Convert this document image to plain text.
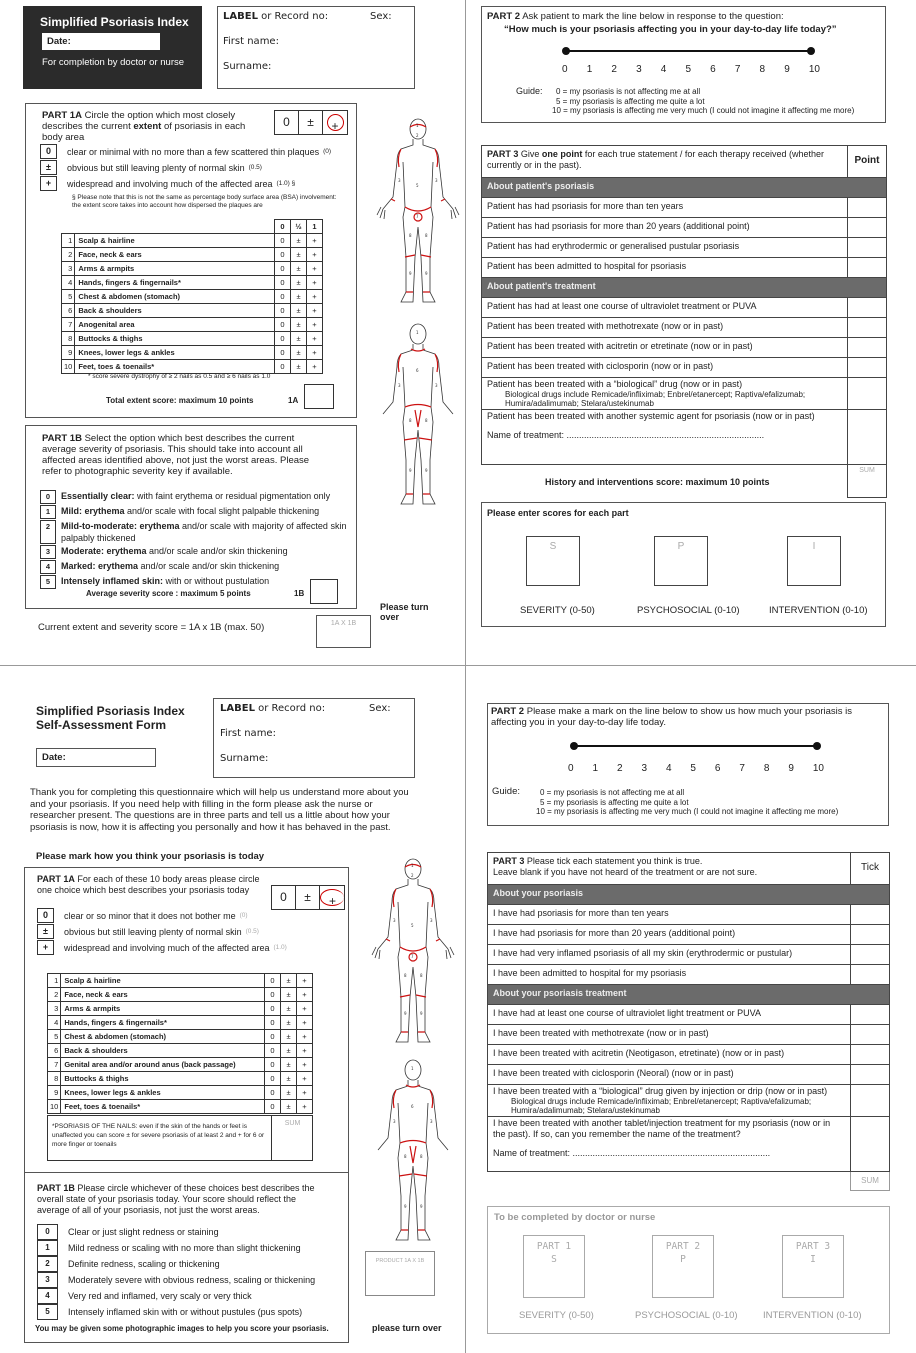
Simplified Psoriasis Index
Date:
For completion by doctor or nurse
LABEL or Record no:	Sex:
First name:
Surname:
PART 1A Circle the option which most closely describes the current extent of psoriasis in each body area
0	±	+
0	clear or minimal with no more than a few scattered thin plaques (0)
±	obvious but still leaving plenty of normal skin (0.5)
+	widespread and involving much of the affected area (1.0) §
§ Please note that this is not the same as percentage body surface area (BSA) involvement: the extent score takes into account how dispersed the plaques are
		0	½	1
1	Scalp & hairline	0	±	+
2	Face, neck & ears	0	±	+
3	Arms & armpits	0	±	+
4	Hands, fingers & fingernails*	0	±	+
5	Chest & abdomen (stomach)	0	±	+
6	Back & shoulders	0	±	+
7	Anogenital area	0	±	+
8	Buttocks & thighs	0	±	+
9	Knees, lower legs & ankles	0	±	+
10	Feet, toes & toenails*	0	±	+
* score severe dystrophy of ≥ 2 nails as 0.5 and ≥ 6 nails as 1.0
Total extent score: maximum 10 points	1A
PART 1B Select the option which best describes the current average severity of psoriasis. This should take into account all affected areas identified above, not just the worst areas. Please refer to photographic severity key if available.
0	Essentially clear: with faint erythema or residual pigmentation only
1	Mild: erythema and/or scale with focal slight palpable thickening
2	Mild-to-moderate: erythema and/or scale with majority of affected skin palpably thickened
3	Moderate: erythema and/or scale and/or skin thickening
4	Marked: erythema and/or scale and/or skin thickening
5	Intensely inflamed skin: with or without pustulation
Average severity score : maximum 5 points	1B
Current extent and severity score = 1A x 1B (max. 50)	1A X 1B
Please turn over
1
2
3	3
5
7
8	8
9	9
1
6
3	3
8	8
9	9
PART 2 Ask patient to mark the line below in response to the question:
“How much is your psoriasis affecting you in your day-to-day life today?”
0 1 2 3 4 5 6 7 8 9 10
Guide:	0 = my psoriasis is not affecting me at all
5 = my psoriasis is affecting me quite a lot
10 = my psoriasis is affecting me very much (I could not imagine it affecting me more)
PART 3 Give one point for each true statement / for each therapy received (whether currently or in the past).	Point
About patient's psoriasis
Patient has had psoriasis for more than ten years
Patient has had psoriasis for more than 20 years (additional point)
Patient has had erythrodermic or generalised pustular psoriasis
Patient has been admitted to hospital for psoriasis
About patient's treatment
Patient has had at least one course of ultraviolet treatment or PUVA
Patient has been treated with methotrexate (now or in past)
Patient has been treated with acitretin or etretinate (now or in past)
Patient has been treated with ciclosporin (now or in past)
Patient has been treated with a “biological” drug (now or in past)
Biological drugs include Remicade/infliximab; Enbrel/etanercept; Raptiva/efalizumab; Humira/adalimumab; Stelara/ustekinumab
Patient has been treated with another systemic agent for psoriasis (now or in past)
Name of treatment: ...............................................................................
SUM
History and interventions score: maximum 10 points
Please enter scores for each part
S	P	I
SEVERITY (0-50)	PSYCHOSOCIAL (0-10)	INTERVENTION (0-10)
Simplified Psoriasis Index
Self-Assessment Form
Date:
LABEL or Record no:	Sex:
First name:
Surname:
Thank you for completing this questionnaire which will help us understand more about you and your psoriasis. If you need help with filling in the form please ask the nurse or researcher present. The questions are in three parts and tell us a little about how your psoriasis is now, how it is affecting you personally and how it has behaved in the past.
Please mark how you think your psoriasis is today
PART 1A For each of these 10 body areas please circle one choice which best describes your psoriasis today	0	±	+
0	clear or so minor that it does not bother me (0)
±	obvious but still leaving plenty of normal skin (0.5)
+	widespread and involving much of the affected area (1.0)
1	Scalp & hairline	0	±	+
2	Face, neck & ears	0	±	+
3	Arms & armpits	0	±	+
4	Hands, fingers & fingernails*	0	±	+
5	Chest & abdomen (stomach)	0	±	+
6	Back & shoulders	0	±	+
7	Genital area and/or around anus (back passage)	0	±	+
8	Buttocks & thighs	0	±	+
9	Knees, lower legs & ankles	0	±	+
10	Feet, toes & toenails*	0	±	+
*PSORIASIS OF THE NAILS: even if the skin of the hands or feet is unaffected you can score ± for severe psoriasis of at least 2 and + for 6 or more finger or toenails
SUM
PART 1B Please circle whichever of these choices best describes the overall state of your psoriasis today. Your score should reflect the average of all of your psoriasis, not just the worst areas.
0	Clear or just slight redness or staining
1	Mild redness or scaling with no more than slight thickening
2	Definite redness, scaling or thickening
3	Moderately severe with obvious redness, scaling or thickening
4	Very red and inflamed, very scaly or very thick
5	Intensely inflamed skin with or without pustules (pus spots)
You may be given some photographic images to help you score your psoriasis.
1
2
3	3
5
7
8	8
9	9
1
6
3	3
8	8
9	9
PRODUCT 1A X 1B
please turn over
PART 2 Please make a mark on the line below to show us how much your psoriasis is affecting you in your day-to-day life today.
0 1 2 3 4 5 6 7 8 9 10
Guide:	0 = my psoriasis is not affecting me at all
5 = my psoriasis is affecting me quite a lot
10 = my psoriasis is affecting me very much (I could not imagine it affecting me more)
PART 3 Please tick each statement you think is true.
Leave blank if you have not heard of the treatment or are not sure.	Tick
About your psoriasis
I have had psoriasis for more than ten years
I have had psoriasis for more than 20 years (additional point)
I have had very inflamed psoriasis of all my skin (erythrodermic or pustular)
I have been admitted to hospital for my psoriasis
About your psoriasis treatment
I have had at least one course of ultraviolet light treatment or PUVA
I have been treated with methotrexate (now or in past)
I have been treated with acitretin (Neotigason, etretinate) (now or in past)
I have been treated with ciclosporin (Neoral) (now or in past)
I have been treated with a “biological” drug given by injection or drip (now or in past)
Biological drugs include Remicade/infliximab; Enbrel/etanercept; Raptiva/efalizumab; Humira/adalimumab; Stelara/ustekinumab
I have been treated with another tablet/injection treatment for my psoriasis (now or in the past). If so, can you remember the name of the treatment?
Name of treatment: ...............................................................................
SUM
To be completed by doctor or nurse
PART 1
S
SEVERITY (0-50)
PART 2
P
PSYCHOSOCIAL (0-10)
PART 3
I
INTERVENTION (0-10)
